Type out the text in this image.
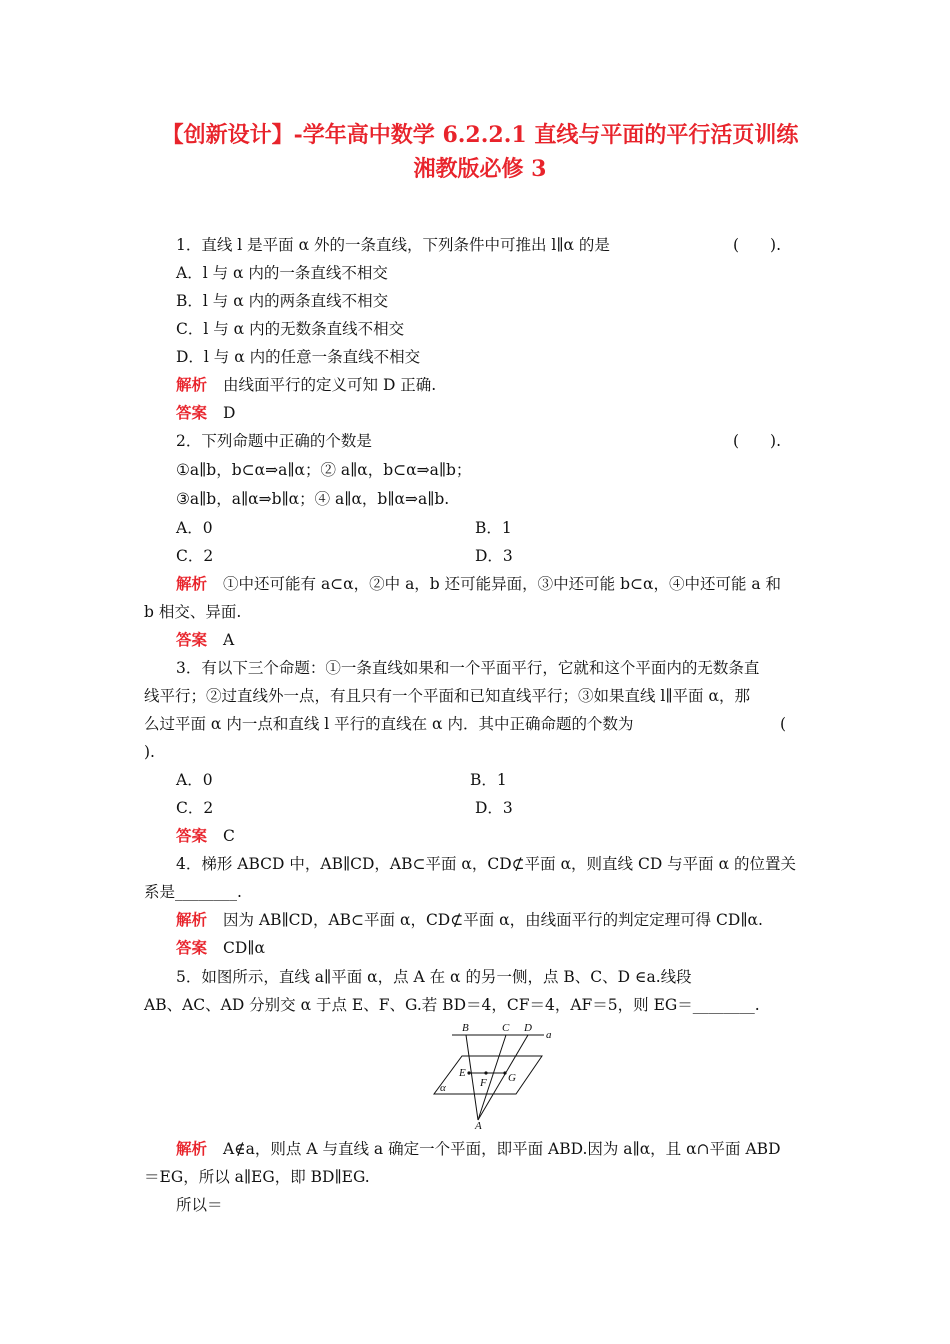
【创新设计】-学年高中数学 6.2.2.1 直线与平面的平行活页训练
湘教版必修 3
1．直线 l 是平面 α 外的一条直线，下列条件中可推出 l∥α 的是	(　　).
A．l 与 α 内的一条直线不相交
B．l 与 α 内的两条直线不相交
C．l 与 α 内的无数条直线不相交
D．l 与 α 内的任意一条直线不相交
解析 由线面平行的定义可知 D 正确.
答案 D
2．下列命题中正确的个数是	(　　).
①a∥b，b⊂α⇒a∥α；② a∥α，b⊂α⇒a∥b；
③a∥b，a∥α⇒b∥α；④ a∥α，b∥α⇒a∥b.
A．0	B．1
C．2	D．3
解析 ①中还可能有 a⊂α，②中 a，b 还可能异面，③中还可能 b⊂α，④中还可能 a 和
b 相交、异面.
答案 A
3．有以下三个命题：①一条直线如果和一个平面平行，它就和这个平面内的无数条直
线平行；②过直线外一点，有且只有一个平面和已知直线平行；③如果直线 l∥平面 α，那
么过平面 α 内一点和直线 l 平行的直线在 α 内．其中正确命题的个数为	(
).
A．0	B．1
C．2	D．3
答案 C
4．梯形 ABCD 中，AB∥CD，AB⊂平面 α，CD⊄平面 α，则直线 CD 与平面 α 的位置关
系是________.
解析 因为 AB∥CD，AB⊂平面 α，CD⊄平面 α，由线面平行的判定定理可得 CD∥α.
答案 CD∥α
5．如图所示，直线 a∥平面 α，点 A 在 α 的另一侧，点 B、C、D ∈a.线段
AB、AC、AD 分别交 α 于点 E、F、G.若 BD＝4，CF＝4，AF＝5，则 EG＝________.
B	C D
a
E
F G
α
A
解析 A∉a，则点 A 与直线 a 确定一个平面，即平面 ABD.因为 a∥α，且 α∩平面 ABD
＝EG，所以 a∥EG，即 BD∥EG.
所以＝
